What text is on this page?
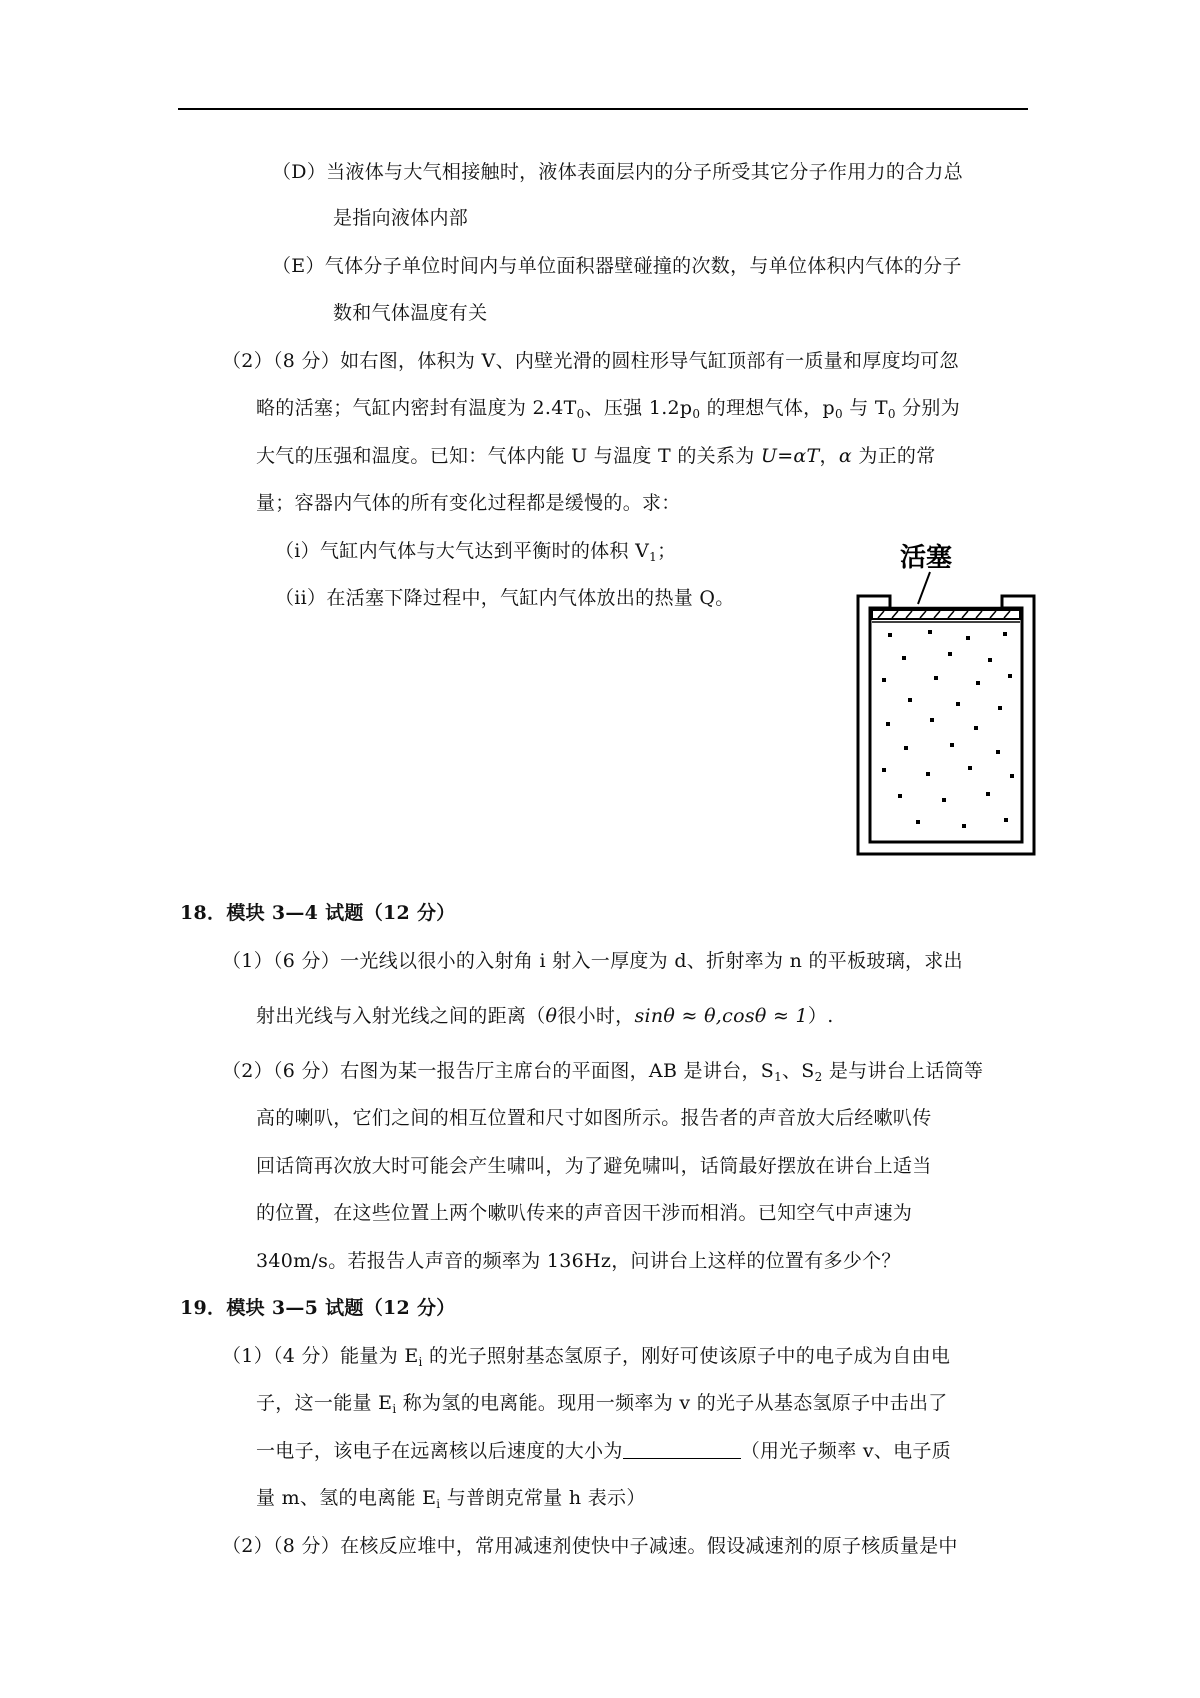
（D）当液体与大气相接触时，液体表面层内的分子所受其它分子作用力的合力总
是指向液体内部
（E）气体分子单位时间内与单位面积器壁碰撞的次数，与单位体积内气体的分子
数和气体温度有关
（2）（8 分）如右图，体积为 V、内壁光滑的圆柱形导气缸顶部有一质量和厚度均可忽
略的活塞；气缸内密封有温度为 $2.4T_0$、压强 $1.2p_0$ 的理想气体，$p_0$ 与 $T_0$ 分别为
大气的压强和温度。已知：气体内能 U 与温度 T 的关系为 U=αT，α 为正的常
量；容器内气体的所有变化过程都是缓慢的。求：
（i）气缸内气体与大气达到平衡时的体积 $V_1$；
（ii）在活塞下降过程中，气缸内气体放出的热量 Q。
活塞
18．模块 3—4 试题（12 分）
（1）（6 分）一光线以很小的入射角 i 射入一厚度为 d、折射率为 n 的平板玻璃，求出
射出光线与入射光线之间的距离（θ很小时，sinθ ≈ θ,cosθ ≈ 1）.
（2）（6 分）右图为某一报告厅主席台的平面图，AB 是讲台，$S_1$、$S_2$ 是与讲台上话筒等
高的喇叭，它们之间的相互位置和尺寸如图所示。报告者的声音放大后经嗽叭传
回话筒再次放大时可能会产生啸叫，为了避免啸叫，话筒最好摆放在讲台上适当
的位置，在这些位置上两个嗽叭传来的声音因干涉而相消。已知空气中声速为
340m/s。若报告人声音的频率为 136Hz，问讲台上这样的位置有多少个？
19．模块 3—5 试题（12 分）
（1）（4 分）能量为 $E_i$ 的光子照射基态氢原子，刚好可使该原子中的电子成为自由电
子，这一能量 $E_i$ 称为氢的电离能。现用一频率为 v 的光子从基态氢原子中击出了
一电子，该电子在远离核以后速度的大小为	（用光子频率 v、电子质
量 m、氢的电离能 $E_i$ 与普朗克常量 h 表示）
（2）（8 分）在核反应堆中，常用减速剂使快中子减速。假设减速剂的原子核质量是中
